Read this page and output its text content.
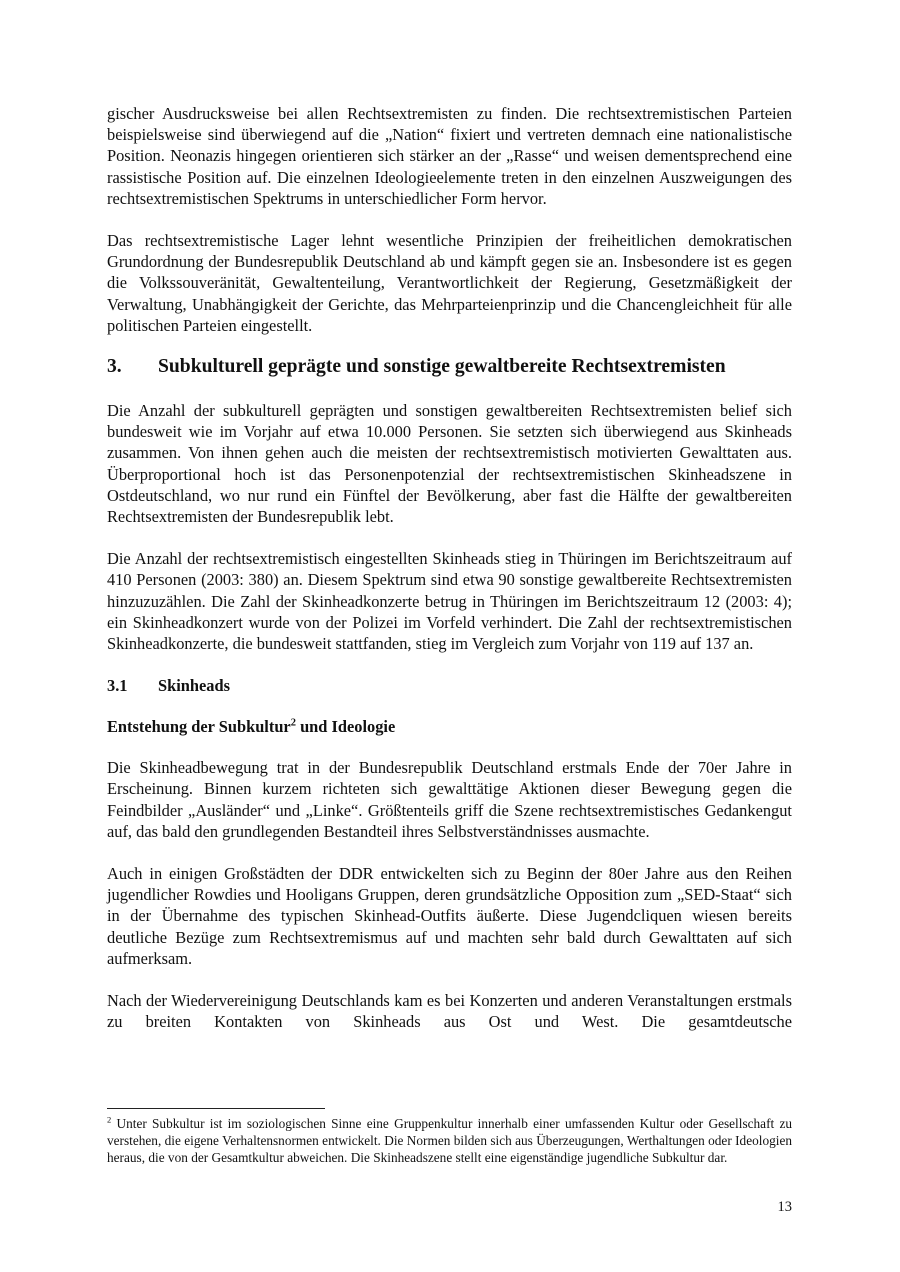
gischer Ausdrucksweise bei allen Rechtsextremisten zu finden. Die rechtsextremistischen Parteien beispielsweise sind überwiegend auf die „Nation“ fixiert und vertreten demnach eine nationalistische Position. Neonazis hingegen orientieren sich stärker an der „Rasse“ und weisen dementsprechend eine rassistische Position auf. Die einzelnen Ideologieelemente treten in den einzelnen Auszweigungen des rechtsextremistischen Spektrums in unterschiedlicher Form hervor.

Das rechtsextremistische Lager lehnt wesentliche Prinzipien der freiheitlichen demokratischen Grundordnung der Bundesrepublik Deutschland ab und kämpft gegen sie an. Insbesondere ist es gegen die Volkssouveränität, Gewaltenteilung, Verantwortlichkeit der Regierung, Gesetzmäßigkeit der Verwaltung, Unabhängigkeit der Gerichte, das Mehrparteienprinzip und die Chancengleichheit für alle politischen Parteien eingestellt.

3.	Subkulturell geprägte und sonstige gewaltbereite Rechtsextremisten

Die Anzahl der subkulturell geprägten und sonstigen gewaltbereiten Rechtsextremisten belief sich bundesweit wie im Vorjahr auf etwa 10.000 Personen. Sie setzten sich überwiegend aus Skinheads zusammen. Von ihnen gehen auch die meisten der rechtsextremistisch motivierten Gewalttaten aus. Überproportional hoch ist das Personenpotenzial der rechtsextremistischen Skinheadszene in Ostdeutschland, wo nur rund ein Fünftel der Bevölkerung, aber fast die Hälfte der gewaltbereiten Rechtsextremisten der Bundesrepublik lebt.

Die Anzahl der rechtsextremistisch eingestellten Skinheads stieg in Thüringen im Berichtszeitraum auf 410 Personen (2003: 380) an. Diesem Spektrum sind etwa 90 sonstige gewaltbereite Rechtsextremisten hinzuzuzählen. Die Zahl der Skinheadkonzerte betrug in Thüringen im Berichtszeitraum 12 (2003: 4); ein Skinheadkonzert wurde von der Polizei im Vorfeld verhindert. Die Zahl der rechtsextremistischen Skinheadkonzerte, die bundesweit stattfanden, stieg im Vergleich zum Vorjahr von 119 auf 137 an.

3.1	Skinheads
Entstehung der Subkultur$^2$ und Ideologie

Die Skinheadbewegung trat in der Bundesrepublik Deutschland erstmals Ende der 70er Jahre in Erscheinung. Binnen kurzem richteten sich gewalttätige Aktionen dieser Bewegung gegen die Feindbilder „Ausländer“ und „Linke“. Größtenteils griff die Szene rechtsextremistisches Gedankengut auf, das bald den grundlegenden Bestandteil ihres Selbstverständnisses ausmachte.

Auch in einigen Großstädten der DDR entwickelten sich zu Beginn der 80er Jahre aus den Reihen jugendlicher Rowdies und Hooligans Gruppen, deren grundsätzliche Opposition zum „SED-Staat“ sich in der Übernahme des typischen Skinhead-Outfits äußerte. Diese Jugendcliquen wiesen bereits deutliche Bezüge zum Rechtsextremismus auf und machten sehr bald durch Gewalttaten auf sich aufmerksam.

Nach der Wiedervereinigung Deutschlands kam es bei Konzerten und anderen Veranstaltungen erstmals zu breiten Kontakten von Skinheads aus Ost und West. Die gesamtdeutsche

$^2$ Unter Subkultur ist im soziologischen Sinne eine Gruppenkultur innerhalb einer umfassenden Kultur oder Gesellschaft zu verstehen, die eigene Verhaltensnormen entwickelt. Die Normen bilden sich aus Überzeugungen, Werthaltungen oder Ideologien heraus, die von der Gesamtkultur abweichen. Die Skinheadszene stellt eine eigenständige jugendliche Subkultur dar.

13
